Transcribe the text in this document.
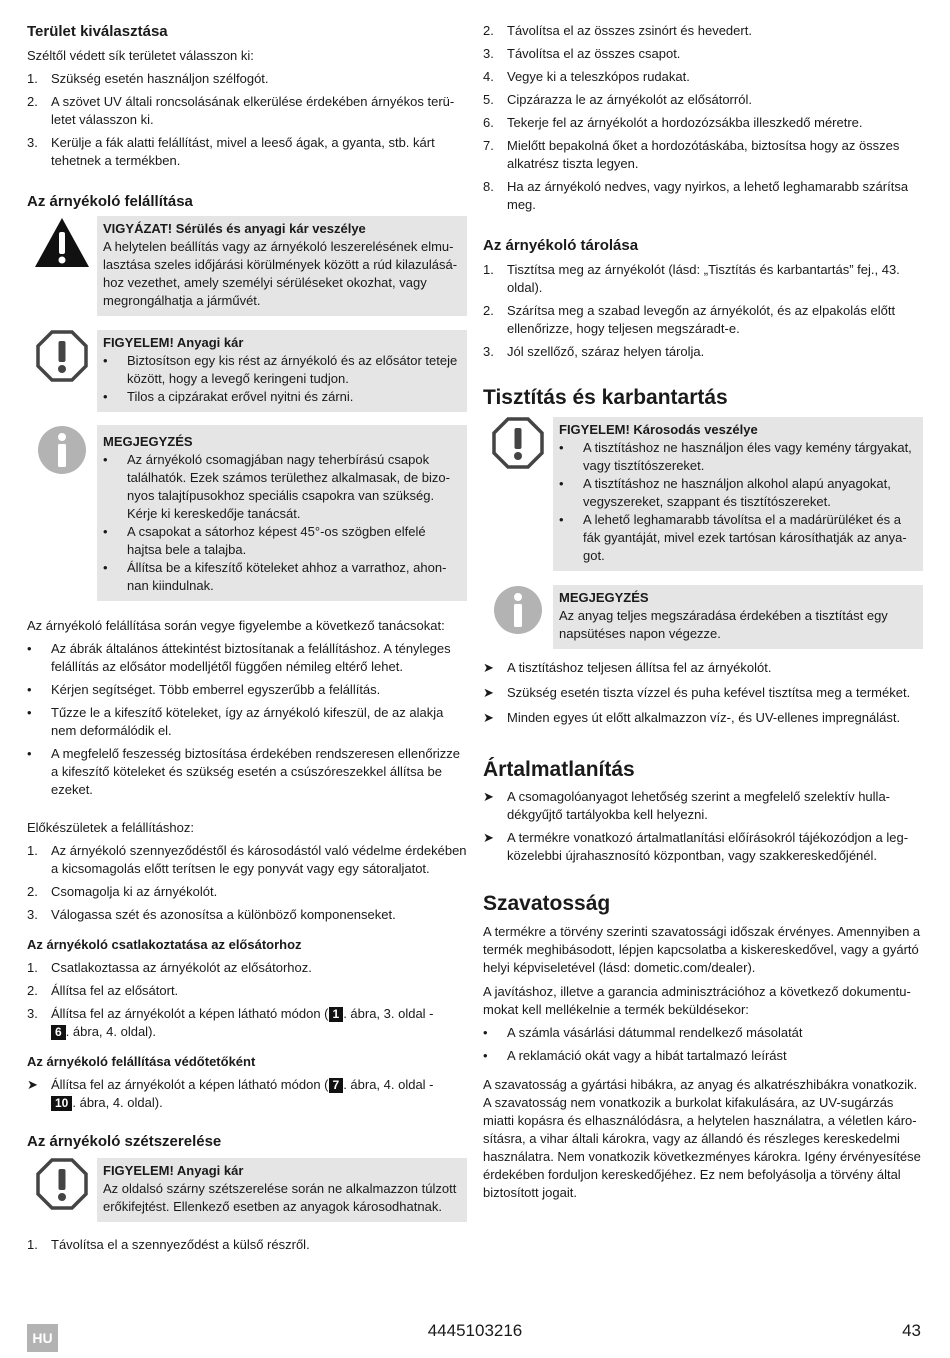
Terület kiválasztása

Széltől védett sík területet válasszon ki:

1. Szükség esetén használjon szélfogót.
2. A szövet UV általi roncsolásának elkerülése érdekében árnyékos területet válasszon ki.
3. Kerülje a fák alatti felállítást, mivel a leeső ágak, a gyanta, stb. kárt tehetnek a termékben.
Az árnyékoló felállítása
VIGYÁZAT! Sérülés és anyagi kár veszélye
A helytelen beállítás vagy az árnyékoló leszerelésének elmulasztása szeles időjárási körülmények között a rúd kilazulásához vezethet, amely személyi sérüléseket okozhat, vagy megrongálhatja a járművét.
FIGYELEM! Anyagi kár
• Biztosítson egy kis rést az árnyékoló és az elősátor teteje között, hogy a levegő keringeni tudjon.
• Tilos a cipzárakat erővel nyitni és zárni.
MEGJEGYZÉS
• Az árnyékoló csomagjában nagy teherbírású csapok találhatók. Ezek számos területhez alkalmasak, de bizonyos talajtípusokhoz speciális csapokra van szükség. Kérje ki kereskedője tanácsát.
• A csapokat a sátorhoz képest 45°-os szögben elfelé hajtsa bele a talajba.
• Állítsa be a kifeszítő köteleket ahhoz a varrathoz, ahonnan kiindulnak.

Az árnyékoló felállítása során vegye figyelembe a következő tanácsokat:

• Az ábrák általános áttekintést biztosítanak a felállításhoz. A tényleges felállítás az elősátor modelljétől függően némileg eltérő lehet.
• Kérjen segítséget. Több emberrel egyszerűbb a felállítás.
• Tűzze le a kifeszítő köteleket, így az árnyékoló kifeszül, de az alakja nem deformálódik el.
• A megfelelő feszesség biztosítása érdekében rendszeresen ellenőrizze a kifeszítő köteleket és szükség esetén a csúszóreszekkel állítsa be ezeket.

Előkészületek a felállításhoz:

1. Az árnyékoló szennyeződéstől és károsodástól való védelme érdekében a kicsomagolás előtt terítsen le egy ponyvát vagy egy sátoraljatot.
2. Csomagolja ki az árnyékolót.
3. Válogassa szét és azonosítsa a különböző komponenseket.
Az árnyékoló csatlakoztatása az elősátorhoz
1. Csatlakoztassa az árnyékolót az elősátorhoz.
2. Állítsa fel az elősátort.
3. Állítsa fel az árnyékolót a képen látható módon ( 1 . ábra, 3. oldal -
6 . ábra, 4. oldal).
Az árnyékoló felállítása védőtetőként
➤ Állítsa fel az árnyékolót a képen látható módon ( 7 . ábra, 4. oldal -
10 . ábra, 4. oldal).
Az árnyékoló szétszerelése
FIGYELEM! Anyagi kár
Az oldalsó szárny szétszerelése során ne alkalmazzon túlzott erőkifejtést. Ellenkező esetben az anyagok károsodhatnak.
1. Távolítsa el a szennyeződést a külső részről.
2. Távolítsa el az összes zsinórt és hevedert.
3. Távolítsa el az összes csapot.
4. Vegye ki a teleszkópos rudakat.
5. Cipzárazza le az árnyékolót az elősátorról.
6. Tekerje fel az árnyékolót a hordozózsákba illeszkedő méretre.
7. Mielőtt bepakolná őket a hordozótáskába, biztosítsa hogy az összes alkatrész tiszta legyen.
8. Ha az árnyékoló nedves, vagy nyirkos, a lehető leghamarabb szárítsa meg.
Az árnyékoló tárolása
1. Tisztítsa meg az árnyékolót (lásd: „Tisztítás és karbantartás” fej., 43. oldal).
2. Szárítsa meg a szabad levegőn az árnyékolót, és az elpakolás előtt ellenőrizze, hogy teljesen megszáradt-e.
3. Jól szellőző, száraz helyen tárolja.
Tisztítás és karbantartás
FIGYELEM! Károsodás veszélye
• A tisztításhoz ne használjon éles vagy kemény tárgyakat, vagy tisztítószereket.
• A tisztításhoz ne használjon alkohol alapú anyagokat, vegyszereket, szappant és tisztítószereket.
• A lehető leghamarabb távolítsa el a madárürüléket és a fák gyantáját, mivel ezek tartósan károsíthatják az anyagot.
MEGJEGYZÉS
Az anyag teljes megszáradása érdekében a tisztítást egy napsütéses napon végezze.
➤ A tisztításhoz teljesen állítsa fel az árnyékolót.
➤ Szükség esetén tiszta vízzel és puha kefével tisztítsa meg a terméket.
➤ Minden egyes út előtt alkalmazzon víz-, és UV-ellenes impregnálást.
Ártalmatlanítás
➤ A csomagolóanyagot lehetőség szerint a megfelelő szelektív hulladékgyűjtő tartályokba kell helyezni.
➤ A termékre vonatkozó ártalmatlanítási előírásokról tájékozódjon a legközelebbi újrahasznosító központban, vagy szakkereskedőjénél.
Szavatosság

A termékre a törvény szerinti szavatossági időszak érvényes. Amennyiben a termék meghibásodott, lépjen kapcsolatba a kiskereskedővel, vagy a gyártó helyi képviseletével (lásd: dometic.com/dealer).

A javításhoz, illetve a garancia adminisztrációhoz a következő dokumentumokat kell mellékelnie a termék beküldésekor:

• A számla vásárlási dátummal rendelkező másolatát
• A reklamáció okát vagy a hibát tartalmazó leírást

A szavatosság a gyártási hibákra, az anyag és alkatrészhibákra vonatkozik. A szavatosság nem vonatkozik a burkolat kifakulására, az UV-sugárzás miatti kopásra és elhasználódásra, a helytelen használatra, a véletlen károsításra, a vihar általi károkra, vagy az állandó és részleges kereskedelmi használatra. Nem vonatkozik következményes károkra. Igény érvényesítése érdekében forduljon kereskedőjéhez. Ez nem befolyásolja a törvény által biztosított jogait.

HU	4445103216	43
